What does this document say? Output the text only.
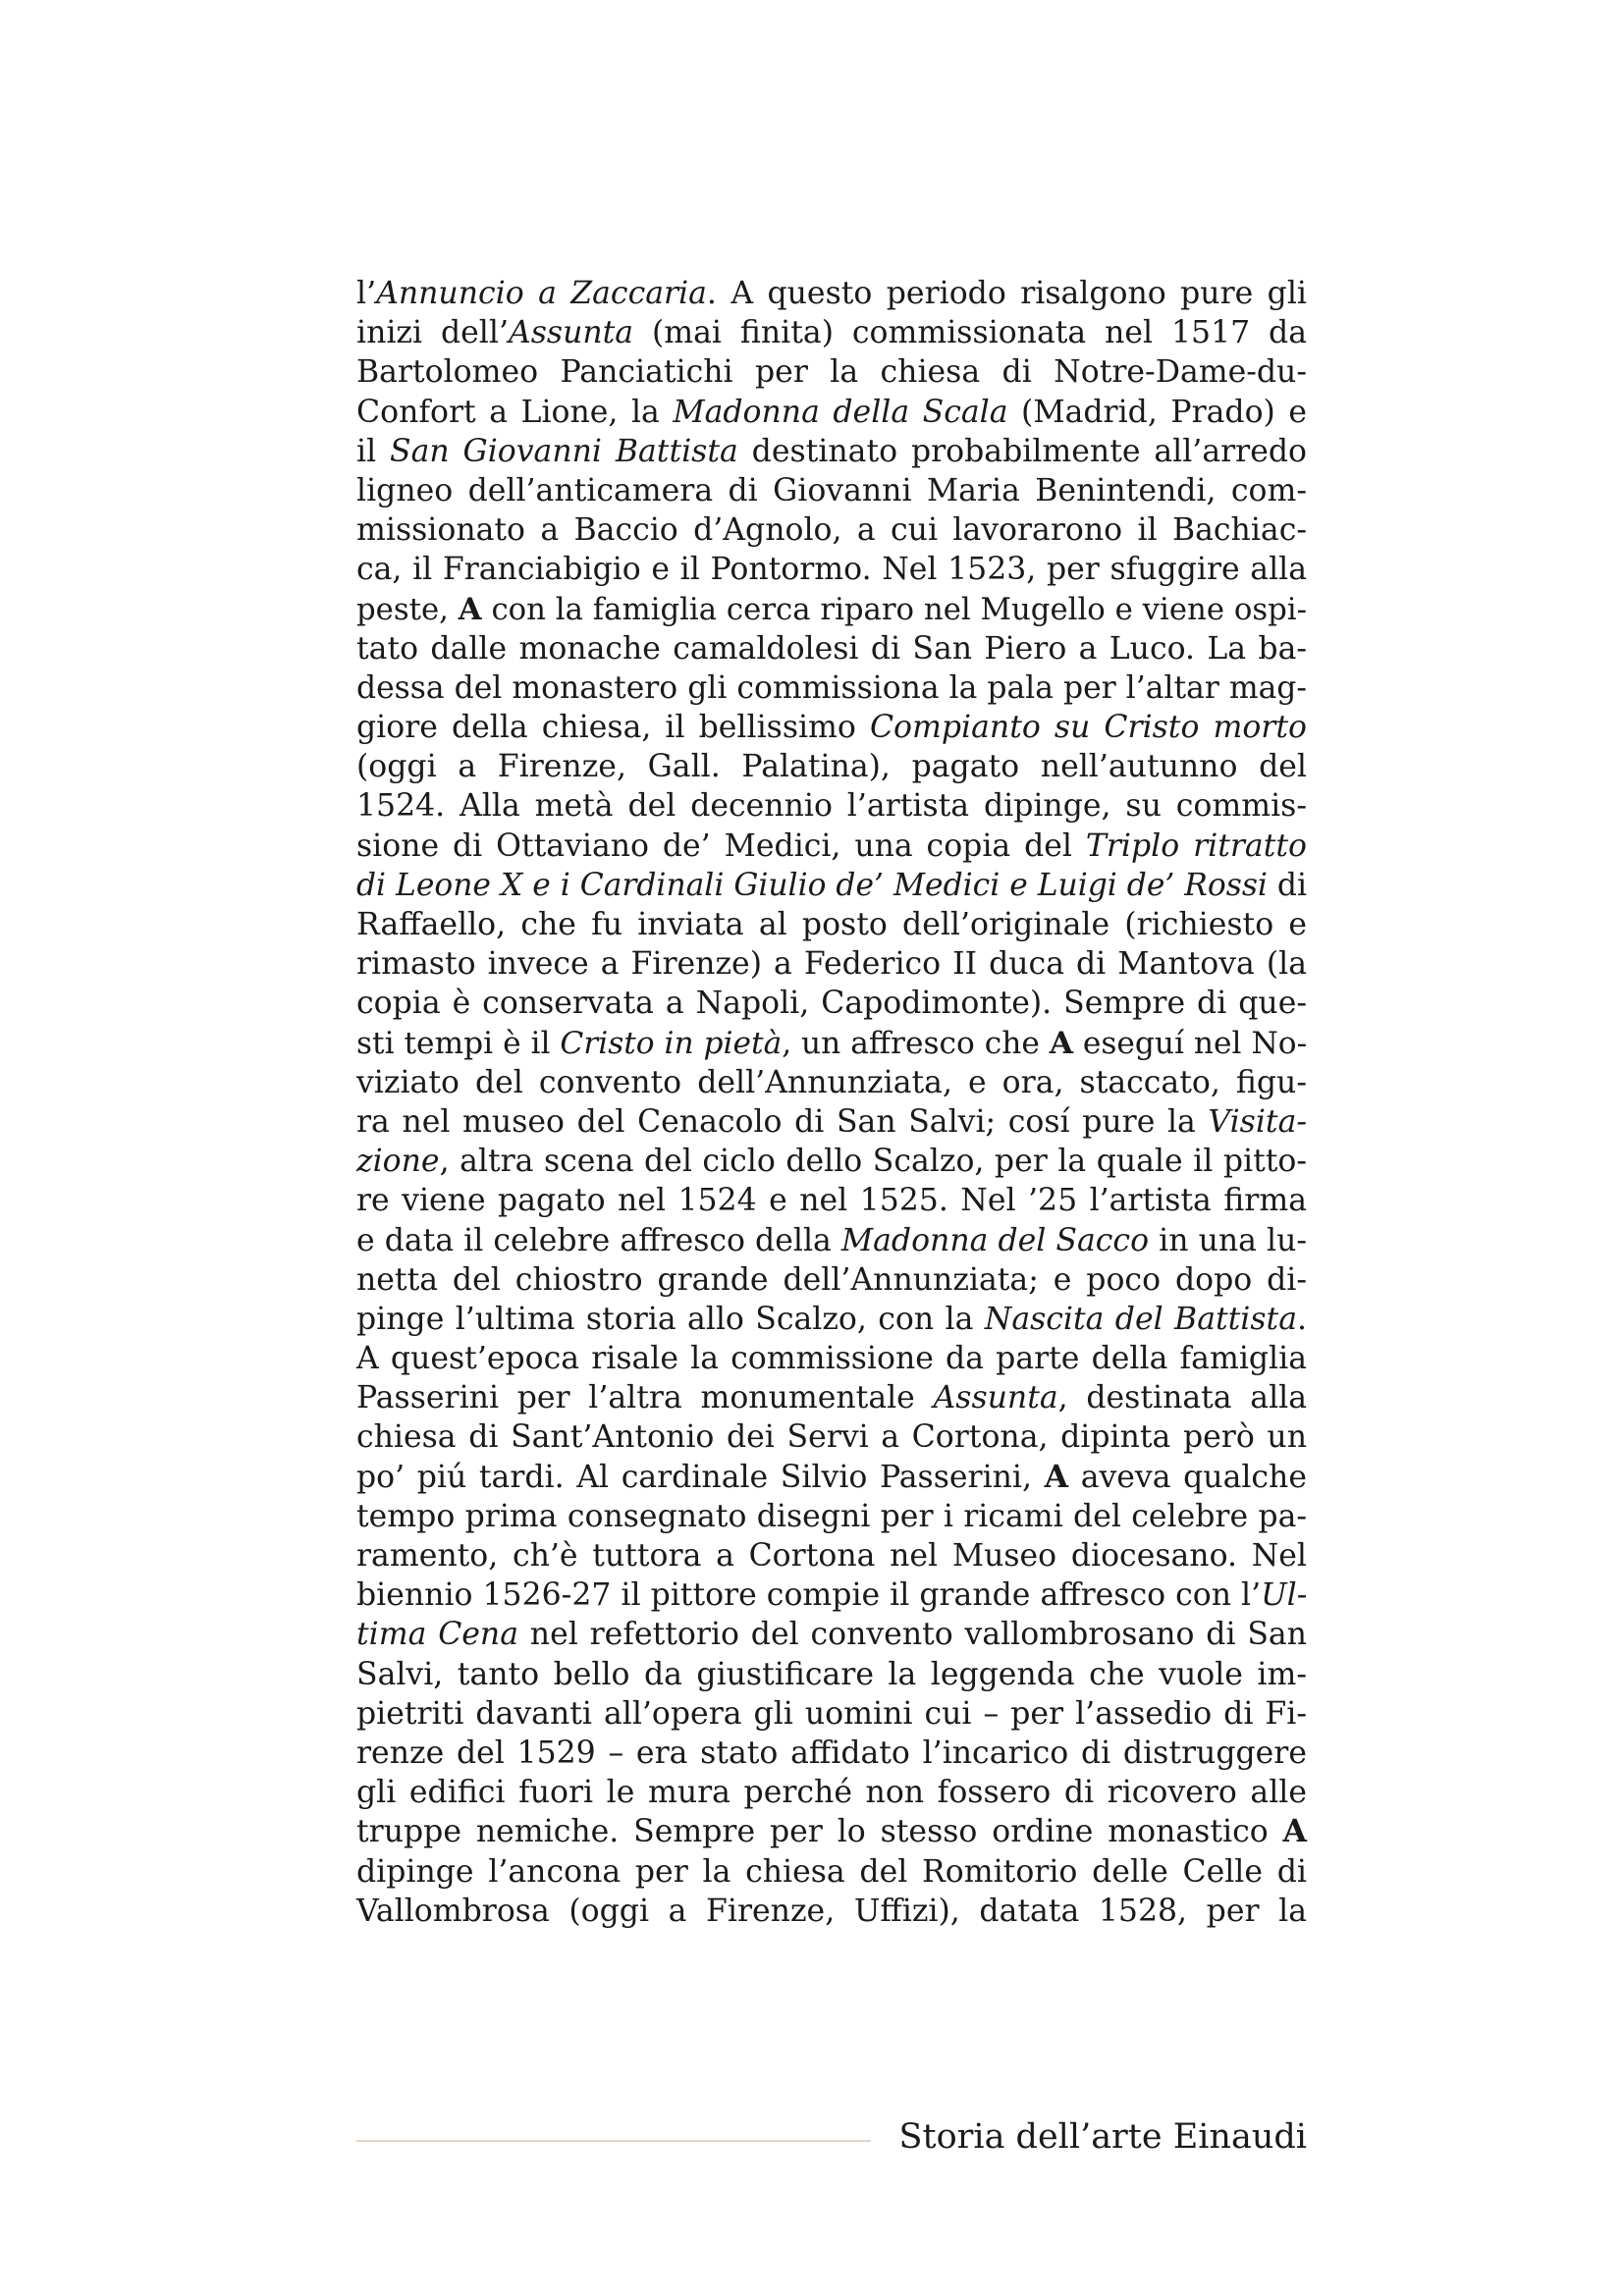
l’Annuncio a Zaccaria. A questo periodo risalgono pure gli
inizi dell’Assunta (mai finita) commissionata nel 1517 da
Bartolomeo Panciatichi per la chiesa di Notre-Dame-du-
Confort a Lione, la Madonna della Scala (Madrid, Prado) e
il San Giovanni Battista destinato probabilmente all’arredo
ligneo dell’anticamera di Giovanni Maria Benintendi, com-
missionato a Baccio d’Agnolo, a cui lavorarono il Bachiac-
ca, il Franciabigio e il Pontormo. Nel 1523, per sfuggire alla
peste, A con la famiglia cerca riparo nel Mugello e viene ospi-
tato dalle monache camaldolesi di San Piero a Luco. La ba-
dessa del monastero gli commissiona la pala per l’altar mag-
giore della chiesa, il bellissimo Compianto su Cristo morto
(oggi a Firenze, Gall. Palatina), pagato nell’autunno del
1524. Alla metà del decennio l’artista dipinge, su commis-
sione di Ottaviano de’ Medici, una copia del Triplo ritratto
di Leone X e i Cardinali Giulio de’ Medici e Luigi de’ Rossi di
Raffaello, che fu inviata al posto dell’originale (richiesto e
rimasto invece a Firenze) a Federico II duca di Mantova (la
copia è conservata a Napoli, Capodimonte). Sempre di que-
sti tempi è il Cristo in pietà, un affresco che A eseguí nel No-
viziato del convento dell’Annunziata, e ora, staccato, figu-
ra nel museo del Cenacolo di San Salvi; cosí pure la Visita-
zione, altra scena del ciclo dello Scalzo, per la quale il pitto-
re viene pagato nel 1524 e nel 1525. Nel ’25 l’artista firma
e data il celebre affresco della Madonna del Sacco in una lu-
netta del chiostro grande dell’Annunziata; e poco dopo di-
pinge l’ultima storia allo Scalzo, con la Nascita del Battista.
A quest’epoca risale la commissione da parte della famiglia
Passerini per l’altra monumentale Assunta, destinata alla
chiesa di Sant’Antonio dei Servi a Cortona, dipinta però un
po’ piú tardi. Al cardinale Silvio Passerini, A aveva qualche
tempo prima consegnato disegni per i ricami del celebre pa-
ramento, ch’è tuttora a Cortona nel Museo diocesano. Nel
biennio 1526-27 il pittore compie il grande affresco con l’Ul-
tima Cena nel refettorio del convento vallombrosano di San
Salvi, tanto bello da giustificare la leggenda che vuole im-
pietriti davanti all’opera gli uomini cui – per l’assedio di Fi-
renze del 1529 – era stato affidato l’incarico di distruggere
gli edifici fuori le mura perché non fossero di ricovero alle
truppe nemiche. Sempre per lo stesso ordine monastico A
dipinge l’ancona per la chiesa del Romitorio delle Celle di
Vallombrosa (oggi a Firenze, Uffizi), datata 1528, per la
Storia dell’arte Einaudi
